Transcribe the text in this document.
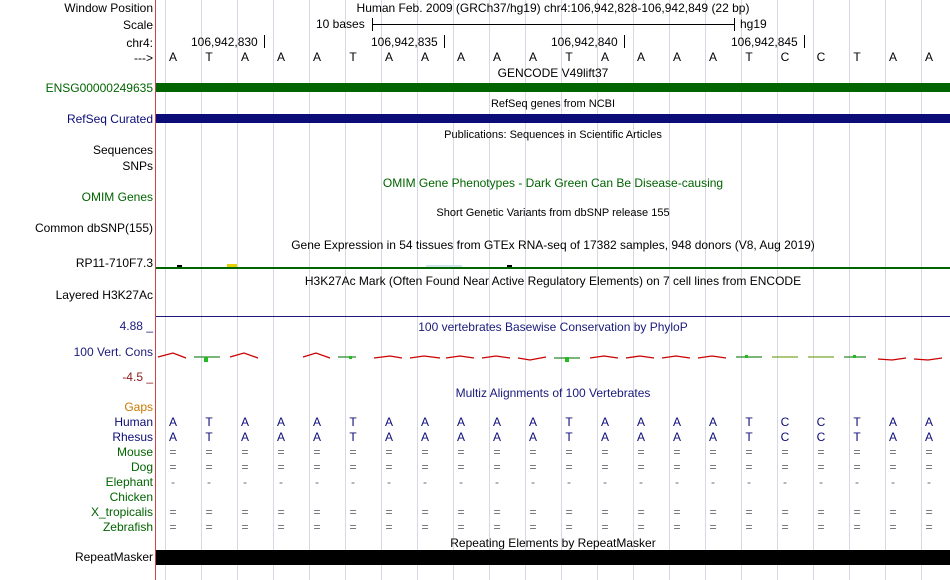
Window Position
Scale
chr4:
--->
Human Feb. 2009 (GRCh37/hg19) chr4:106,942,828-106,942,849 (22 bp)
10 bases	hg19
106,942,830	106,942,835	106,942,840	106,942,845
A	T	A	A	A	T	A	A	A	A	A	T	A	A	A	A	T	C	C	T	A	A
GENCODE V49lift37
ENSG00000249635
RefSeq genes from NCBI
RefSeq Curated
Publications: Sequences in Scientific Articles
Sequences
SNPs
OMIM Gene Phenotypes - Dark Green Can Be Disease-causing
OMIM Genes
Short Genetic Variants from dbSNP release 155
Common dbSNP(155)
Gene Expression in 54 tissues from GTEx RNA-seq of 17382 samples, 948 donors (V8, Aug 2019)
RP11-710F7.3
H3K27Ac Mark (Often Found Near Active Regulatory Elements) on 7 cell lines from ENCODE
Layered H3K27Ac
100 vertebrates Basewise Conservation by PhyloP
4.88 _
100 Vert. Cons
-4.5 _
Multiz Alignments of 100 Vertebrates
Gaps
Human	A	T	A	A	A	T	A	A	A	A	A	T	A	A	A	A	T	C	C	T	A	A
Rhesus	A	T	A	A	A	T	A	A	A	A	A	T	A	A	A	A	T	C	C	T	A	A
Mouse	=	=	=	=	=	=	=	=	=	=	=	=	=	=	=	=	=	=	=	=	=	=
Dog	=	=	=	=	=	=	=	=	=	=	=	=	=	=	=	=	=	=	=	=	=	=
Elephant	-	-	-	-	-	-	-	-	-	-	-	-	-	-	-	-	-	-	-	-	-	-
Chicken
X_tropicalis	=	=	=	=	=	=	=	=	=	=	=	=	=	=	=	=	=	=	=	=	=	=
Zebrafish	=	=	=	=	=	=	=	=	=	=	=	=	=	=	=	=	=	=	=	=	=	=
Repeating Elements by RepeatMasker
RepeatMasker
